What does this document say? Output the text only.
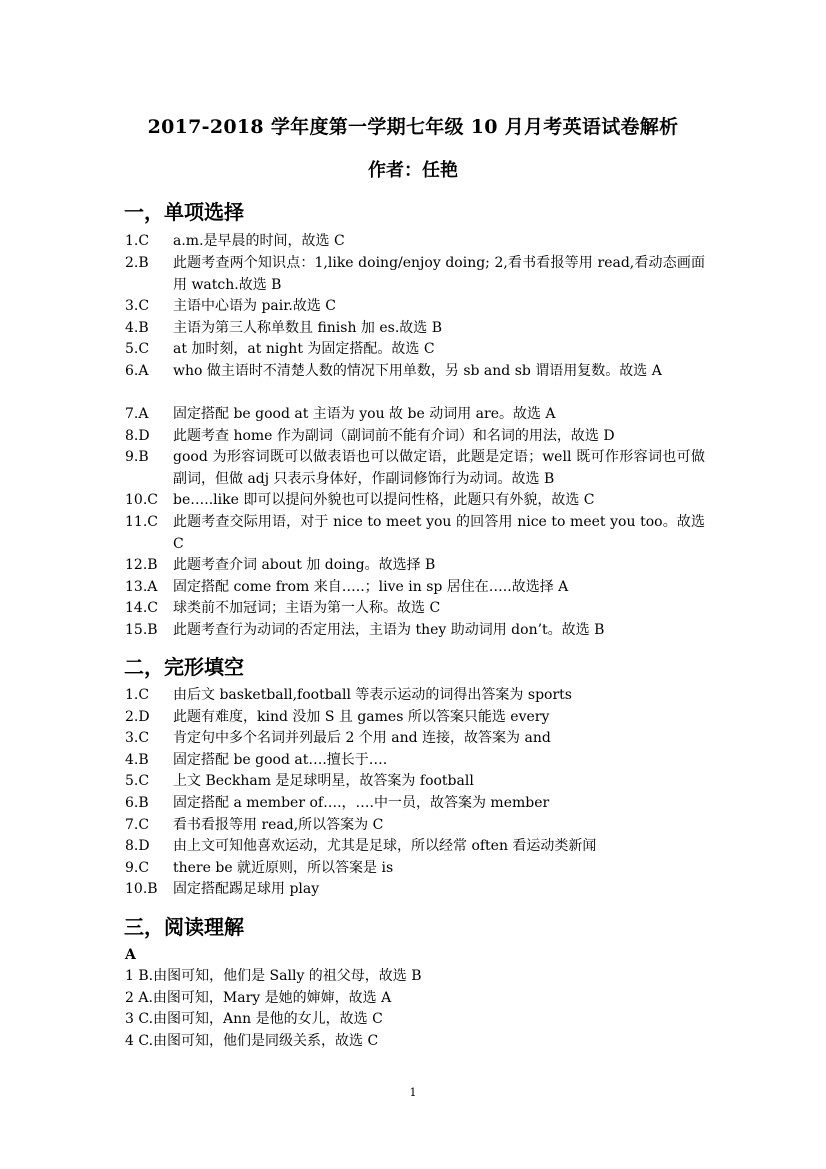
2017-2018 学年度第一学期七年级 10 月月考英语试卷解析
作者：任艳
一，单项选择
1.C a.m.是早晨的时间，故选 C
2.B 此题考查两个知识点：1,like doing/enjoy doing; 2,看书看报等用 read,看动态画面用 watch.故选 B
3.C 主语中心语为 pair.故选 C
4.B 主语为第三人称单数且 finish 加 es.故选 B
5.C at 加时刻，at night 为固定搭配。故选 C
6.A who 做主语时不清楚人数的情况下用单数，另 sb and sb 谓语用复数。故选 A
7.A 固定搭配 be good at 主语为 you 故 be 动词用 are。故选 A
8.D 此题考查 home 作为副词（副词前不能有介词）和名词的用法，故选 D
9.B good 为形容词既可以做表语也可以做定语，此题是定语；well 既可作形容词也可做副词，但做 adj 只表示身体好，作副词修饰行为动词。故选 B
10.C be…..like 即可以提问外貌也可以提问性格，此题只有外貌，故选 C
11.C 此题考查交际用语，对于 nice to meet you 的回答用 nice to meet you too。故选 C
12.B 此题考查介词 about 加 doing。故选择 B
13.A 固定搭配 come from 来自…..；live in sp 居住在…..故选择 A
14.C 球类前不加冠词；主语为第一人称。故选 C
15.B 此题考查行为动词的否定用法，主语为 they 助动词用 don’t。故选 B
二，完形填空
1.C 由后文 basketball,football 等表示运动的词得出答案为 sports
2.D 此题有难度，kind 没加 S 且 games 所以答案只能选 every
3.C 肯定句中多个名词并列最后 2 个用 and 连接，故答案为 and
4.B 固定搭配 be good at….擅长于….
5.C 上文 Beckham 是足球明星，故答案为 football
6.B 固定搭配 a member of….，….中一员，故答案为 member
7.C 看书看报等用 read,所以答案为 C
8.D 由上文可知他喜欢运动，尤其是足球，所以经常 often 看运动类新闻
9.C there be 就近原则，所以答案是 is
10.B 固定搭配踢足球用 play
三，阅读理解
A
1 B.由图可知，他们是 Sally 的祖父母，故选 B
2 A.由图可知，Mary 是她的婶婶，故选 A
3 C.由图可知，Ann 是他的女儿，故选 C
4 C.由图可知，他们是同级关系，故选 C
1
